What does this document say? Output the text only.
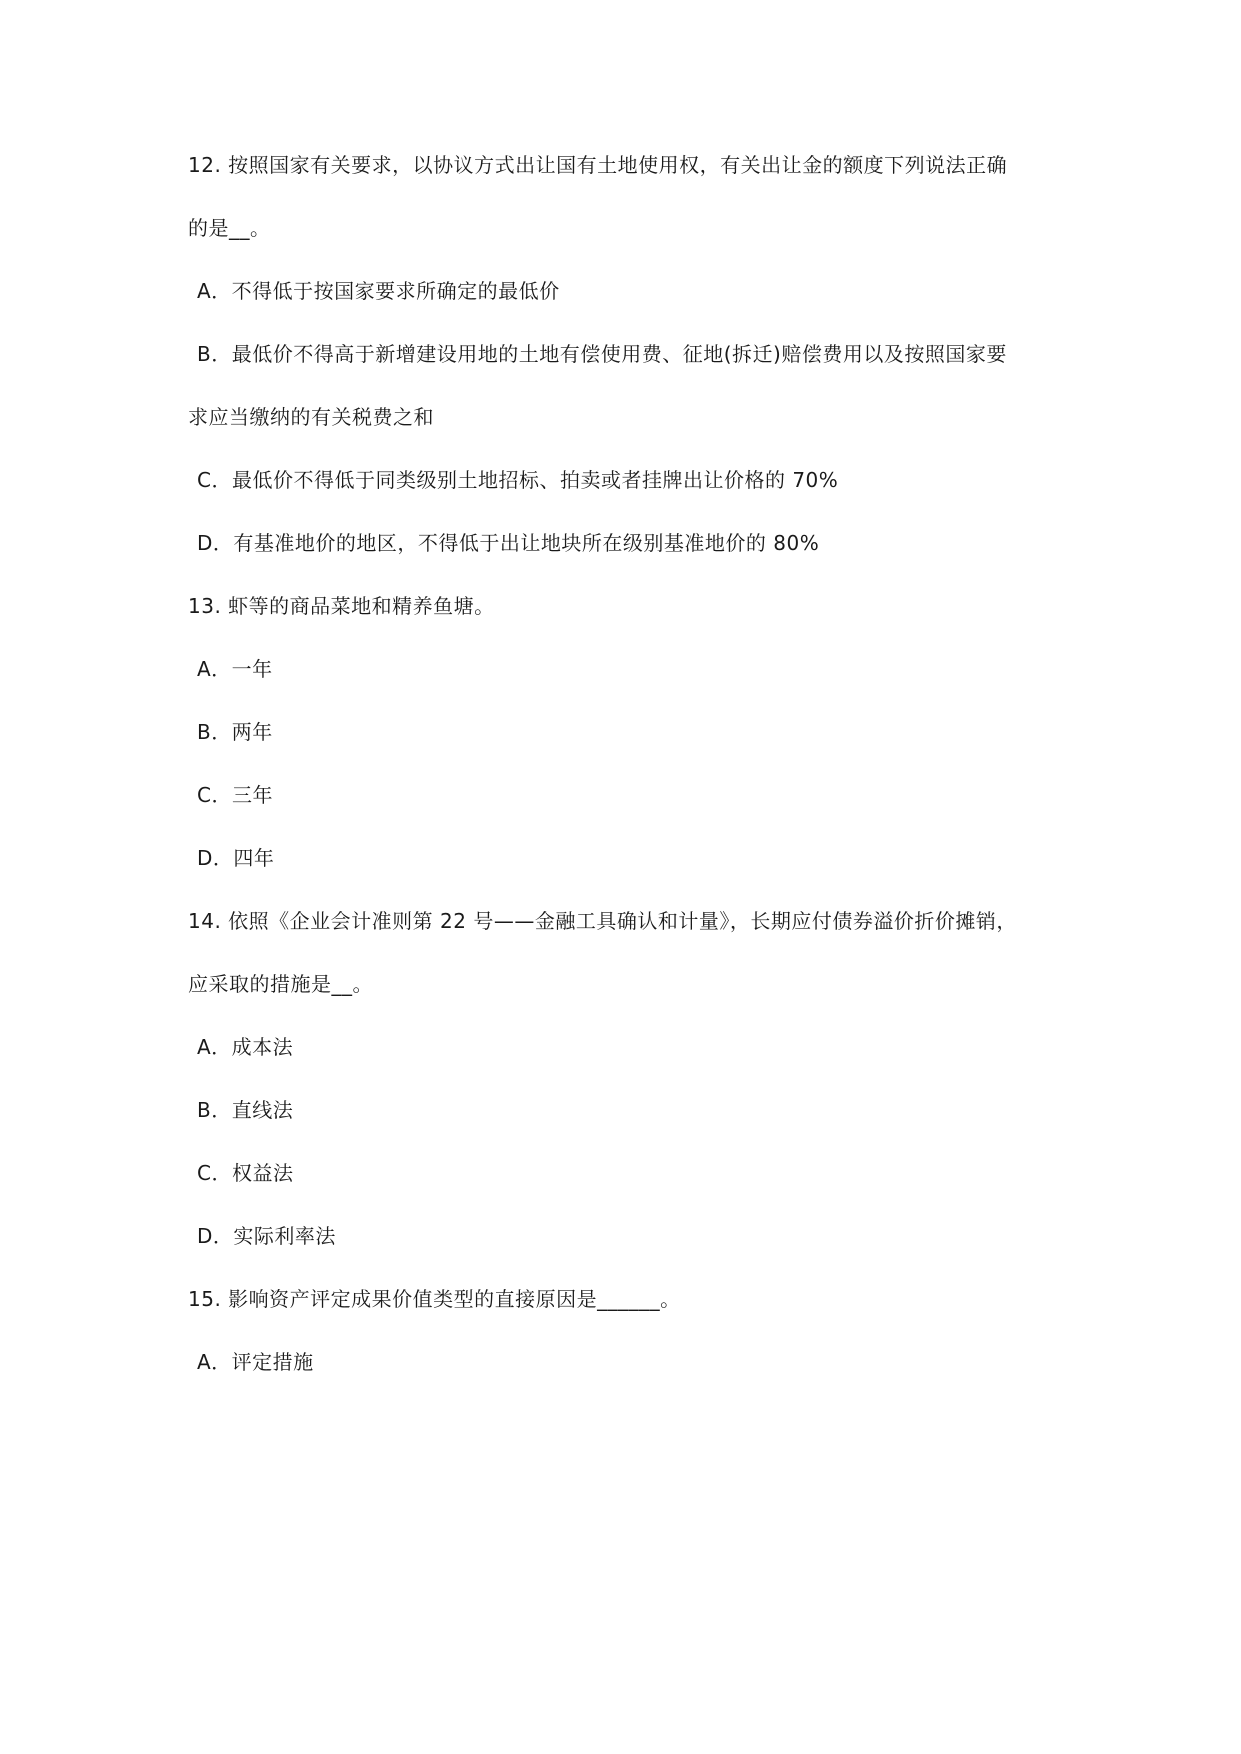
12. 按照国家有关要求，以协议方式出让国有土地使用权，有关出让金的额度下列说法正确
的是__。
A．不得低于按国家要求所确定的最低价
B．最低价不得高于新增建设用地的土地有偿使用费、征地(拆迁)赔偿费用以及按照国家要
求应当缴纳的有关税费之和
C．最低价不得低于同类级别土地招标、拍卖或者挂牌出让价格的 70%
D．有基准地价的地区，不得低于出让地块所在级别基准地价的 80%
13. 虾等的商品菜地和精养鱼塘。
A．一年
B．两年
C．三年
D．四年
14. 依照《企业会计准则第 22 号——金融工具确认和计量》，长期应付债券溢价折价摊销，
应采取的措施是__。
A．成本法
B．直线法
C．权益法
D．实际利率法
15. 影响资产评定成果价值类型的直接原因是______。
A．评定措施
